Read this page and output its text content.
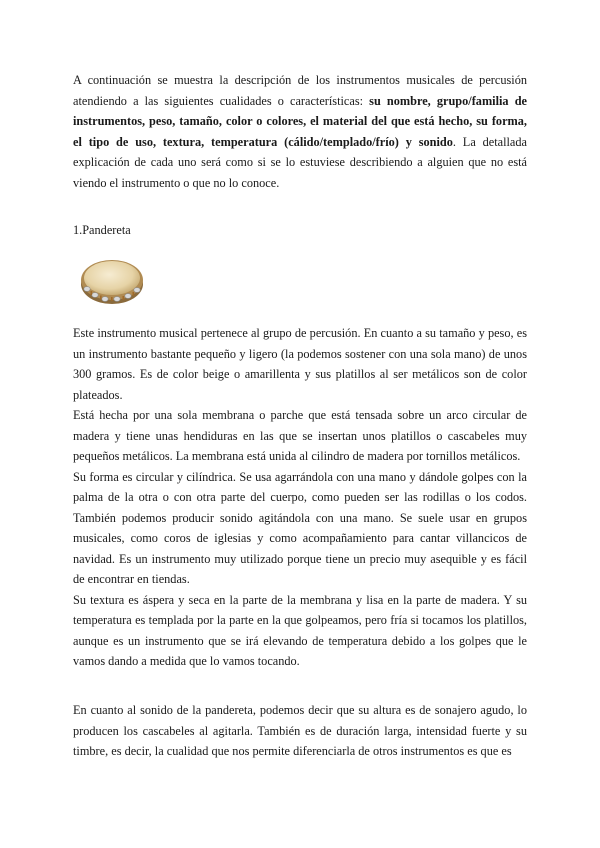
A continuación se muestra la descripción de los instrumentos musicales de percusión atendiendo a las siguientes cualidades o características: su nombre, grupo/familia de instrumentos, peso, tamaño, color o colores, el material del que está hecho, su forma, el tipo de uso, textura, temperatura (cálido/templado/frío) y sonido. La detallada explicación de cada uno será como si se lo estuviese describiendo a alguien que no está viendo el instrumento o que no lo conoce.

1.Pandereta

Este instrumento musical pertenece al grupo de percusión. En cuanto a su tamaño y peso, es un instrumento bastante pequeño y ligero (la podemos sostener con una sola mano) de unos 300 gramos. Es de color beige o amarillenta y sus platillos al ser metálicos son de color plateados.
Está hecha por una sola membrana o parche que está tensada sobre un arco circular de madera y tiene unas hendiduras en las que se insertan unos platillos o cascabeles muy pequeños metálicos. La membrana está unida al cilindro de madera por tornillos metálicos.
Su forma es circular y cilíndrica. Se usa agarrándola con una mano y dándole golpes con la palma de la otra o con otra parte del cuerpo, como pueden ser las rodillas o los codos. También podemos producir sonido agitándola con una mano. Se suele usar en grupos musicales, como coros de iglesias y como acompañamiento para cantar villancicos de navidad. Es un instrumento muy utilizado porque tiene un precio muy asequible y es fácil de encontrar en tiendas.
Su textura es áspera y seca en la parte de la membrana y lisa en la parte de madera. Y su temperatura es templada por la parte en la que golpeamos, pero fría si tocamos los platillos, aunque es un instrumento que se irá elevando de temperatura debido a los golpes que le vamos dando a medida que lo vamos tocando.

En cuanto al sonido de la pandereta, podemos decir que su altura es de sonajero agudo, lo producen los cascabeles al agitarla. También es de duración larga, intensidad fuerte y su timbre, es decir, la cualidad que nos permite diferenciarla de otros instrumentos es que es
